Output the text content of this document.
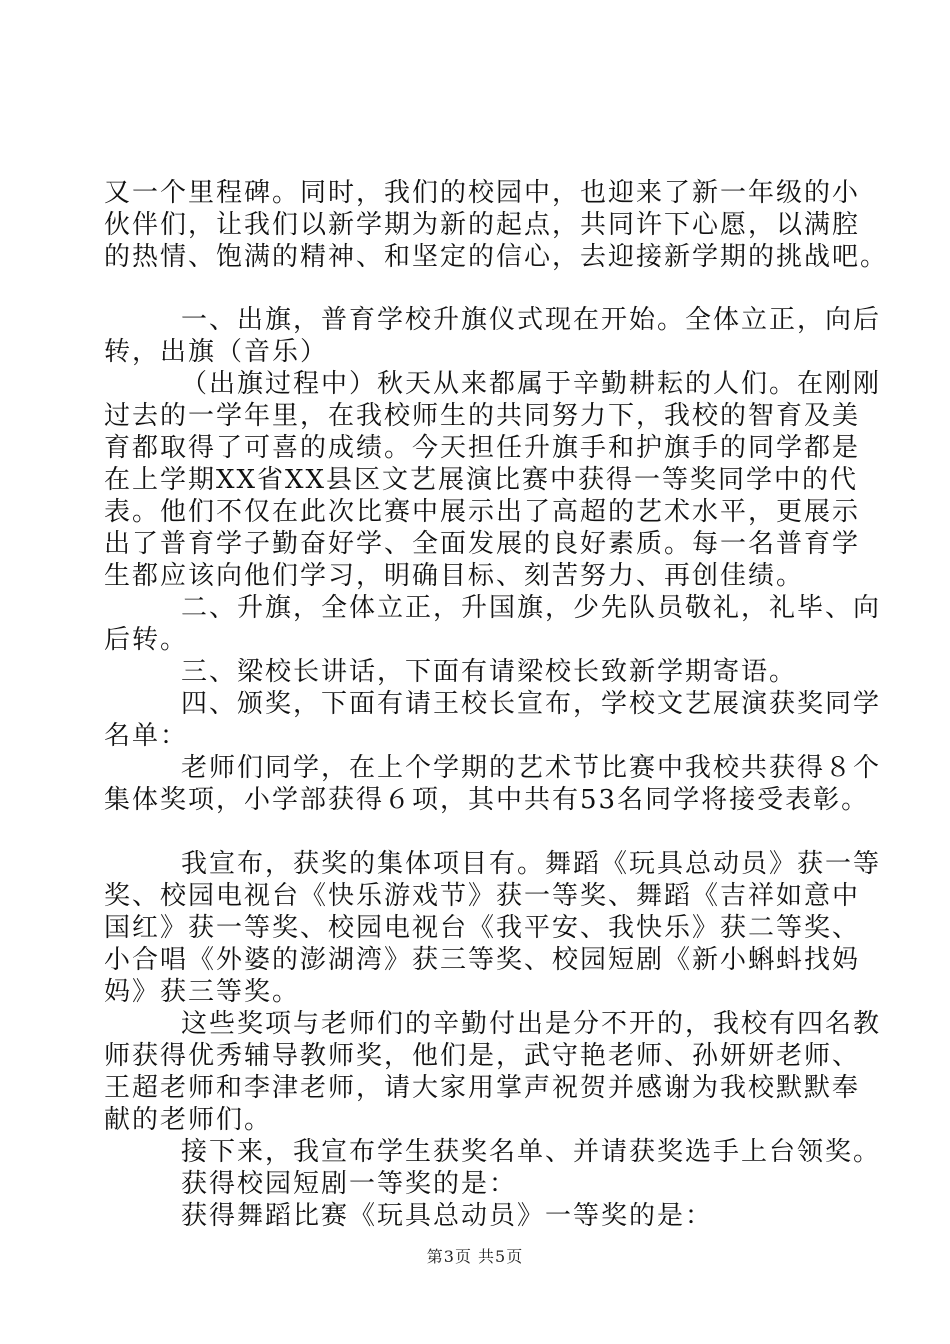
又一个里程碑。同时，我们的校园中，也迎来了新一年级的小
伙伴们，让我们以新学期为新的起点，共同许下心愿，以满腔
的热情、饱满的精神、和坚定的信心，去迎接新学期的挑战吧。
一、出旗，普育学校升旗仪式现在开始。全体立正，向后
转，出旗（音乐）
（出旗过程中）秋天从来都属于辛勤耕耘的人们。在刚刚
过去的一学年里，在我校师生的共同努力下，我校的智育及美
育都取得了可喜的成绩。今天担任升旗手和护旗手的同学都是
在上学期XX省XX县区文艺展演比赛中获得一等奖同学中的代
表。他们不仅在此次比赛中展示出了高超的艺术水平，更展示
出了普育学子勤奋好学、全面发展的良好素质。每一名普育学
生都应该向他们学习，明确目标、刻苦努力、再创佳绩。
二、升旗，全体立正，升国旗，少先队员敬礼，礼毕、向
后转。
三、梁校长讲话，下面有请梁校长致新学期寄语。
四、颁奖，下面有请王校长宣布，学校文艺展演获奖同学
名单：
老师们同学，在上个学期的艺术节比赛中我校共获得８个
集体奖项，小学部获得６项，其中共有53名同学将接受表彰。
我宣布，获奖的集体项目有。舞蹈《玩具总动员》获一等
奖、校园电视台《快乐游戏节》获一等奖、舞蹈《吉祥如意中
国红》获一等奖、校园电视台《我平安、我快乐》获二等奖、
小合唱《外婆的澎湖湾》获三等奖、校园短剧《新小蝌蚪找妈
妈》获三等奖。
这些奖项与老师们的辛勤付出是分不开的，我校有四名教
师获得优秀辅导教师奖，他们是，武守艳老师、孙妍妍老师、
王超老师和李津老师，请大家用掌声祝贺并感谢为我校默默奉
献的老师们。
接下来，我宣布学生获奖名单、并请获奖选手上台领奖。
获得校园短剧一等奖的是：
获得舞蹈比赛《玩具总动员》一等奖的是：
第3页 共5页
